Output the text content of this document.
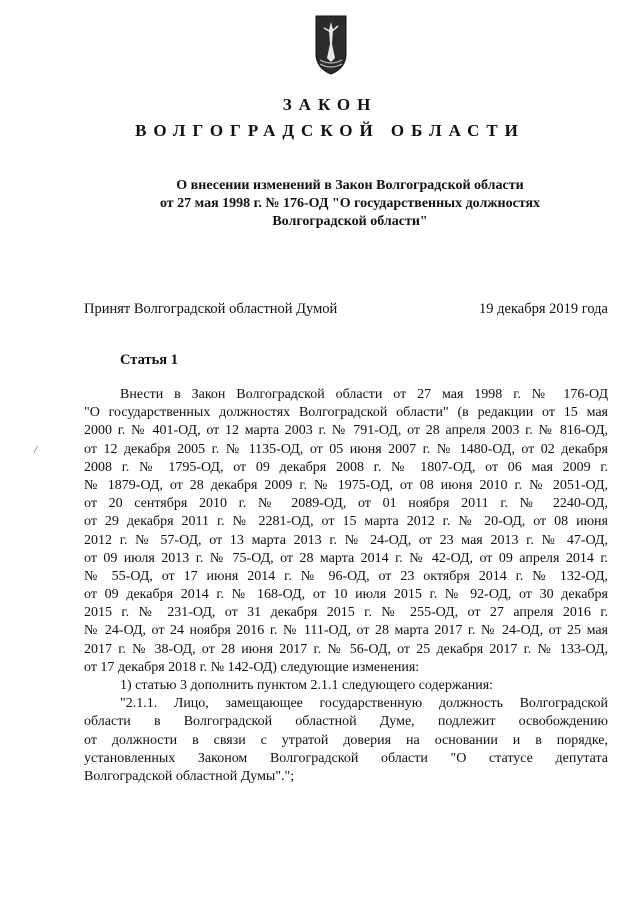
ЗАКОН
ВОЛГОГРАДСКОЙ ОБЛАСТИ
О внесении изменений в Закон Волгоградской области
от 27 мая 1998 г. № 176-ОД "О государственных должностях
Волгоградской области"
Принят Волгоградской областной Думой	19 декабря 2019 года
Статья 1
/
Внести в Закон Волгоградской области от 27 мая 1998 г. № 176-ОД
"О государственных должностях Волгоградской области" (в редакции от 15 мая
2000 г. № 401-ОД, от 12 марта 2003 г. № 791-ОД, от 28 апреля 2003 г. № 816-ОД,
от 12 декабря 2005 г. № 1135-ОД, от 05 июня 2007 г. № 1480-ОД, от 02 декабря
2008 г. № 1795-ОД, от 09 декабря 2008 г. № 1807-ОД, от 06 мая 2009 г.
№ 1879-ОД, от 28 декабря 2009 г. № 1975-ОД, от 08 июня 2010 г. № 2051-ОД,
от 20 сентября 2010 г. № 2089-ОД, от 01 ноября 2011 г. № 2240-ОД,
от 29 декабря 2011 г. № 2281-ОД, от 15 марта 2012 г. № 20-ОД, от 08 июня
2012 г. № 57-ОД, от 13 марта 2013 г. № 24-ОД, от 23 мая 2013 г. № 47-ОД,
от 09 июля 2013 г. № 75-ОД, от 28 марта 2014 г. № 42-ОД, от 09 апреля 2014 г.
№ 55-ОД, от 17 июня 2014 г. № 96-ОД, от 23 октября 2014 г. № 132-ОД,
от 09 декабря 2014 г. № 168-ОД, от 10 июля 2015 г. № 92-ОД, от 30 декабря
2015 г. № 231-ОД, от 31 декабря 2015 г. № 255-ОД, от 27 апреля 2016 г.
№ 24-ОД, от 24 ноября 2016 г. № 111-ОД, от 28 марта 2017 г. № 24-ОД, от 25 мая
2017 г. № 38-ОД, от 28 июня 2017 г. № 56-ОД, от 25 декабря 2017 г. № 133-ОД,
от 17 декабря 2018 г. № 142-ОД) следующие изменения:
1) статью 3 дополнить пунктом 2.1.1 следующего содержания:
"2.1.1. Лицо, замещающее государственную должность Волгоградской
области в Волгоградской областной Думе, подлежит освобождению
от должности в связи с утратой доверия на основании и в порядке,
установленных Законом Волгоградской области "О статусе депутата
Волгоградской областной Думы".";
